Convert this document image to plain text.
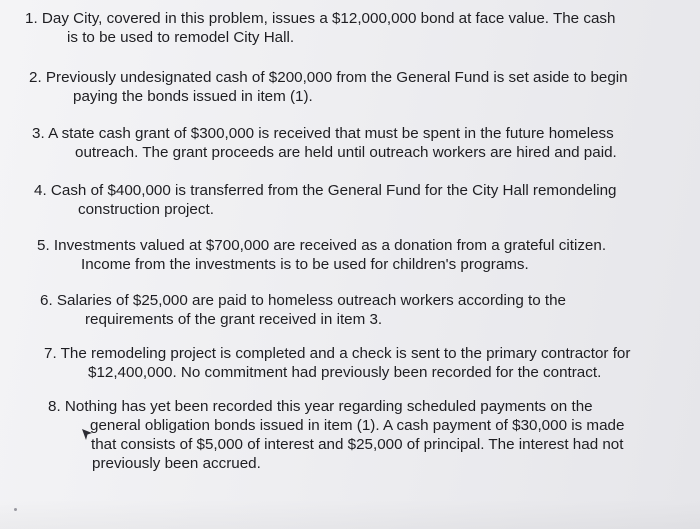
1. Day City, covered in this problem, issues a $12,000,000 bond at face value. The cash
is to be used to remodel City Hall.
2. Previously undesignated cash of $200,000 from the General Fund is set aside to begin
paying the bonds issued in item (1).
3. A state cash grant of $300,000 is received that must be spent in the future homeless
outreach. The grant proceeds are held until outreach workers are hired and paid.
4. Cash of $400,000 is transferred from the General Fund for the City Hall remondeling
construction project.
5. Investments valued at $700,000 are received as a donation from a grateful citizen.
Income from the investments is to be used for children's programs.
6. Salaries of $25,000 are paid to homeless outreach workers according to the
requirements of the grant received in item 3.
7. The remodeling project is completed and a check is sent to the primary contractor for
$12,400,000. No commitment had previously been recorded for the contract.
8. Nothing has yet been recorded this year regarding scheduled payments on the
general obligation bonds issued in item (1). A cash payment of $30,000 is made
that consists of $5,000 of interest and $25,000 of principal. The interest had not
previously been accrued.
